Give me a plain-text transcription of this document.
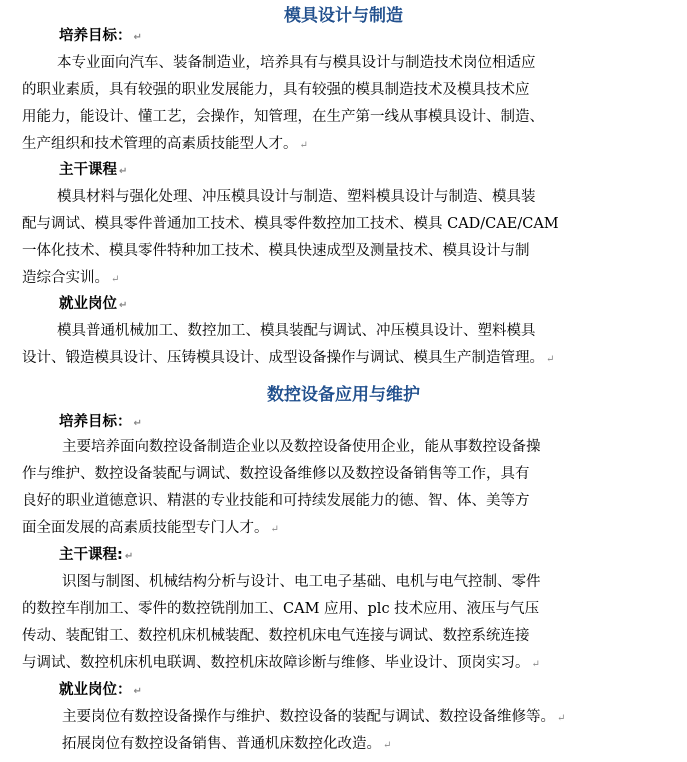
模具设计与制造
培养目标： ↵
本专业面向汽车、装备制造业，培养具有与模具设计与制造技术岗位相适应
的职业素质，具有较强的职业发展能力，具有较强的模具制造技术及模具技术应
用能力，能设计、懂工艺，会操作，知管理，在生产第一线从事模具设计、制造、
生产组织和技术管理的高素质技能型人才。 ↵
主干课程 ↵
模具材料与强化处理、冲压模具设计与制造、塑料模具设计与制造、模具装
配与调试、模具零件普通加工技术、模具零件数控加工技术、模具 CAD/CAE/CAM
一体化技术、模具零件特种加工技术、模具快速成型及测量技术、模具设计与制
造综合实训。 ↵
就业岗位 ↵
模具普通机械加工、数控加工、模具装配与调试、冲压模具设计、塑料模具
设计、锻造模具设计、压铸模具设计、成型设备操作与调试、模具生产制造管理。 ↵
数控设备应用与维护
培养目标： ↵
主要培养面向数控设备制造企业以及数控设备使用企业，能从事数控设备操
作与维护、数控设备装配与调试、数控设备维修以及数控设备销售等工作，具有
良好的职业道德意识、精湛的专业技能和可持续发展能力的德、智、体、美等方
面全面发展的高素质技能型专门人才。 ↵
主干课程: ↵
识图与制图、机械结构分析与设计、电工电子基础、电机与电气控制、零件
的数控车削加工、零件的数控铣削加工、CAM 应用、plc 技术应用、液压与气压
传动、装配钳工、数控机床机械装配、数控机床电气连接与调试、数控系统连接
与调试、数控机床机电联调、数控机床故障诊断与维修、毕业设计、顶岗实习。 ↵
就业岗位： ↵
主要岗位有数控设备操作与维护、数控设备的装配与调试、数控设备维修等。 ↵
拓展岗位有数控设备销售、普通机床数控化改造。 ↵
